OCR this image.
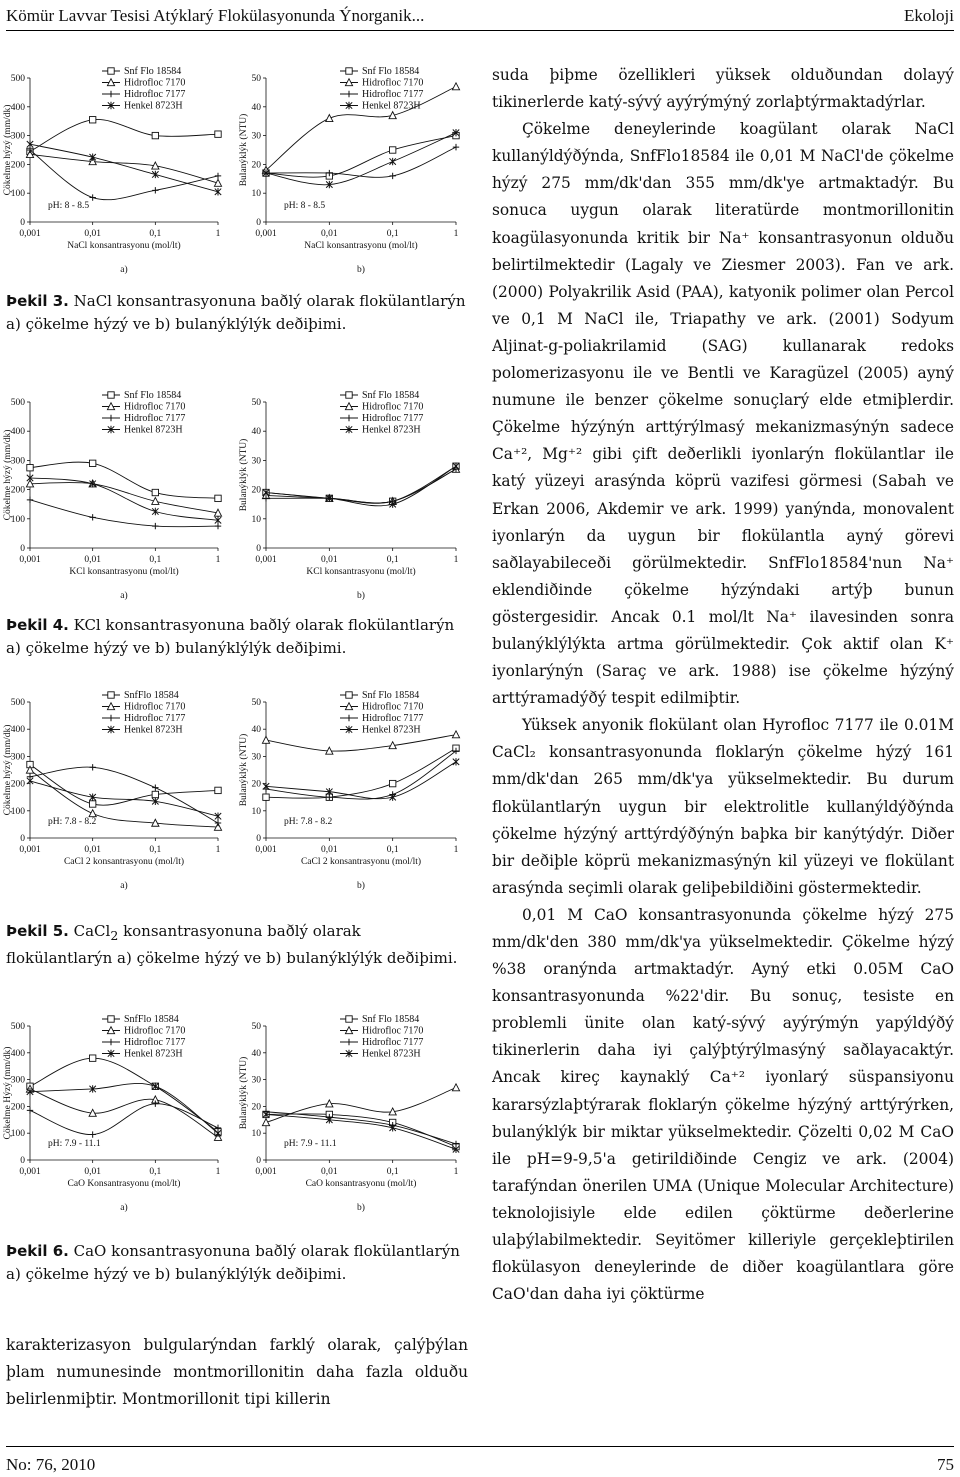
Kömür Lavvar Tesisi Atýklarý Flokülasyonunda Ýnorganik...	Ekoloji
0
100
200
300
400
500
0,001	0,01	0,1	1
NaCl konsantrasyonu (mol/lt)
Çökelme hýzý (mm/dk)
pH: 8 - 8.5
a)
Snf Flo 18584
Hidrofloc 7170
Hidrofloc 7177
Henkel 8723H
0
10
20
30
40
50
0,001	0,01	0,1	1
NaCl konsantrasyonu (mol/lt)
Bulanýklýk (NTU)
pH: 8 - 8.5
b)
Snf Flo 18584
Hidrofloc 7170
Hidrofloc 7177
Henkel 8723H
0
100
200
300
400
500
0,001	0,01	0,1	1
KCl konsantrasyonu (mol/lt)
Çökelme hýzý (mm/dk)
a)
Snf Flo 18584
Hidrofloc 7170
Hidrofloc 7177
Henkel 8723H
0
10
20
30
40
50
0,001	0,01	0,1	1
KCl konsantrasyonu (mol/lt)
Bulanýklýk (NTU)
b)
Snf Flo 18584
Hidrofloc 7170
Hidrofloc 7177
Henkel 8723H
0
100
200
300
400
500
0,001	0,01	0,1	1
CaCl 2 konsantrasyonu (mol/lt)
Çökelme hýzý (mm/dk)
pH: 7.8 - 8.2
a)
SnfFlo 18584
Hidrofloc 7170
Hidrofloc 7177
Henkel 8723H
0
10
20
30
40
50
0,001	0,01	0,1	1
CaCl 2 konsantrasyonu (mol/lt)
Bulanýklýk (NTU)
pH: 7.8 - 8.2
b)
Snf Flo 18584
Hidrofloc 7170
Hidrofloc 7177
Henkel 8723H
0
100
200
300
400
500
0,001	0,01	0,1	1
CaO Konsantrasyonu (mol/lt)
Çökelme Hýzý (mm/dk)
pH: 7.9 - 11.1
a)
SnfFlo 18584
Hidrofloc 7170
Hidrofloc 7177
Henkel 8723H
0
10
20
30
40
50
0,001	0,01	0,1	1
CaO konsantrasyonu (mol/lt)
Bulanýklýk (NTU)
pH: 7.9 - 11.1
b)
Snf Flo 18584
Hidrofloc 7170
Hidrofloc 7177
Henkel 8723H
Þekil 3. NaCl konsantrasyonuna baðlý olarak flokülantlarýn a) çökelme hýzý ve b) bulanýklýlýk deðiþimi.
Þekil 4. KCl konsantrasyonuna baðlý olarak flokülantlarýn a) çökelme hýzý ve b) bulanýklýlýk deðiþimi.
Þekil 5. CaCl$_2$ konsantrasyonuna baðlý olarak flokülantlarýn a) çökelme hýzý ve b) bulanýklýlýk deðiþimi.
Þekil 6. CaO konsantrasyonuna baðlý olarak flokülantlarýn a) çökelme hýzý ve b) bulanýklýlýk deðiþimi.
karakterizasyon bulgularýndan farklý olarak, çalýþýlan þlam numunesinde montmorillonitin daha fazla olduðu belirlenmiþtir. Montmorillonit tipi killerin

suda þiþme özellikleri yüksek olduðundan dolayý tikinerlerde katý-sývý ayýrýmýný zorlaþtýrmaktadýrlar.

Çökelme deneylerinde koagülant olarak NaCl kullanýldýðýnda, SnfFlo18584 ile 0,01 M NaCl'de çökelme hýzý 275 mm/dk'dan 355 mm/dk'ye artmaktadýr. Bu sonuca uygun olarak literatürde montmorillonitin koagülasyonunda kritik bir Na⁺ konsantrasyonun olduðu belirtilmektedir (Lagaly ve Ziesmer 2003). Fan ve ark. (2000) Polyakrilik Asid (PAA), katyonik polimer olan Percol ve 0,1 M NaCl ile, Triapathy ve ark. (2001) Sodyum Aljinat-g-poliakrilamid (SAG) kullanarak redoks polomerizasyonu ile ve Bentli ve Karagüzel (2005) ayný numune ile benzer çökelme sonuçlarý elde etmiþlerdir. Çökelme hýzýnýn arttýrýlmasý mekanizmasýnýn sadece Ca⁺², Mg⁺² gibi çift deðerlikli iyonlarýn flokülantlar ile katý yüzeyi arasýnda köprü vazifesi görmesi (Sabah ve Erkan 2006, Akdemir ve ark. 1999) yanýnda, monovalent iyonlarýn da uygun bir flokülantla ayný görevi saðlayabileceði görülmektedir. SnfFlo18584'nun Na⁺ eklendiðinde çökelme hýzýndaki artýþ bunun göstergesidir. Ancak 0.1 mol/lt Na⁺ ilavesinden sonra bulanýklýlýkta artma görülmektedir. Çok aktif olan K⁺ iyonlarýnýn (Saraç ve ark. 1988) ise çökelme hýzýný arttýramadýðý tespit edilmiþtir.

Yüksek anyonik flokülant olan Hyrofloc 7177 ile 0.01M CaCl₂ konsantrasyonunda floklarýn çökelme hýzý 161 mm/dk'dan 265 mm/dk'ya yükselmektedir. Bu durum flokülantlarýn uygun bir elektrolitle kullanýldýðýnda çökelme hýzýný arttýrdýðýnýn baþka bir kanýtýdýr. Diðer bir deðiþle köprü mekanizmasýnýn kil yüzeyi ve flokülant arasýnda seçimli olarak geliþebildiðini göstermektedir.

0,01 M CaO konsantrasyonunda çökelme hýzý 275 mm/dk'den 380 mm/dk'ya yükselmektedir. Çökelme hýzý %38 oranýnda artmaktadýr. Ayný etki 0.05M CaO konsantrasyonunda %22'dir. Bu sonuç, tesiste en problemli ünite olan katý-sývý ayýrýmýn yapýldýðý tikinerlerin daha iyi çalýþtýrýlmasýný saðlayacaktýr. Ancak kireç kaynaklý Ca⁺² iyonlarý süspansiyonu kararsýzlaþtýrarak floklarýn çökelme hýzýný arttýrýrken, bulanýklýk bir miktar yükselmektedir. Çözelti 0,02 M CaO ile pH=9-9,5'a getirildiðinde Cengiz ve ark. (2004) tarafýndan önerilen UMA (Unique Molecular Architecture) teknolojisiyle elde edilen çöktürme deðerlerine ulaþýlabilmektedir. Seyitömer killeriyle gerçekleþtirilen flokülasyon deneylerinde de diðer koagülantlara göre CaO'dan daha iyi çöktürme

No: 76, 2010	75
